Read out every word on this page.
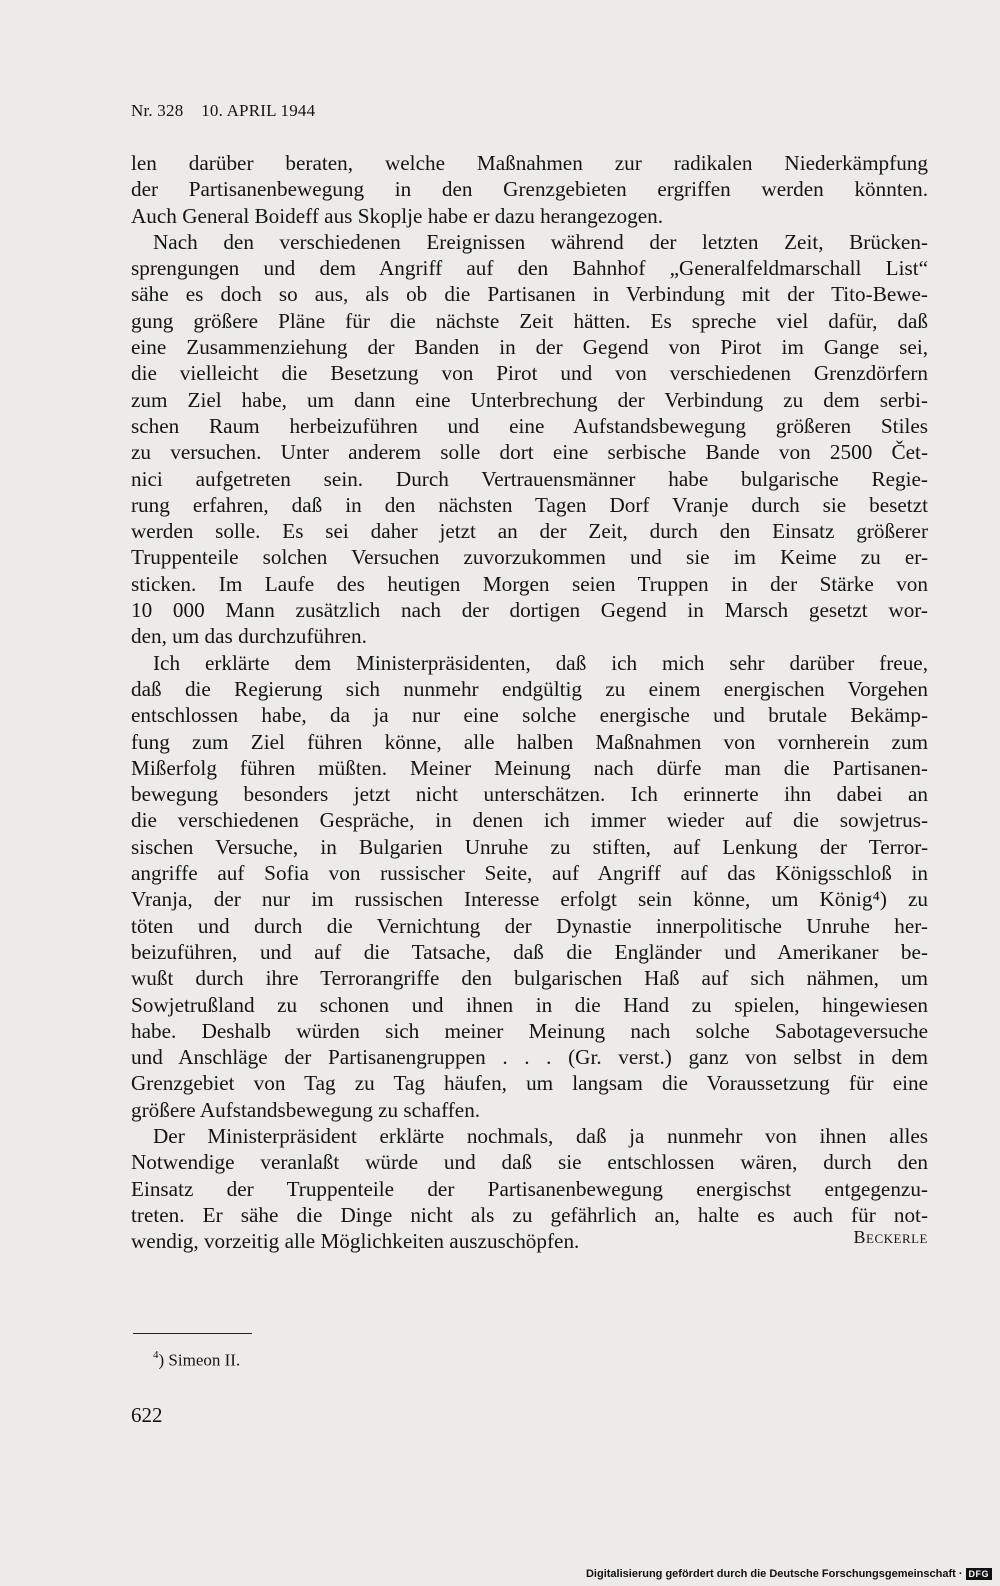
Nr. 328 10. APRIL 1944
len darüber beraten, welche Maßnahmen zur radikalen Niederkämpfung
der Partisanenbewegung in den Grenzgebieten ergriffen werden könnten.
Auch General Boideff aus Skoplje habe er dazu herangezogen.
Nach den verschiedenen Ereignissen während der letzten Zeit, Brücken-
sprengungen und dem Angriff auf den Bahnhof „Generalfeldmarschall List“
sähe es doch so aus, als ob die Partisanen in Verbindung mit der Tito-Bewe-
gung größere Pläne für die nächste Zeit hätten. Es spreche viel dafür, daß
eine Zusammenziehung der Banden in der Gegend von Pirot im Gange sei,
die vielleicht die Besetzung von Pirot und von verschiedenen Grenzdörfern
zum Ziel habe, um dann eine Unterbrechung der Verbindung zu dem serbi-
schen Raum herbeizuführen und eine Aufstandsbewegung größeren Stiles
zu versuchen. Unter anderem solle dort eine serbische Bande von 2500 Čet-
nici aufgetreten sein. Durch Vertrauensmänner habe bulgarische Regie-
rung erfahren, daß in den nächsten Tagen Dorf Vranje durch sie besetzt
werden solle. Es sei daher jetzt an der Zeit, durch den Einsatz größerer
Truppenteile solchen Versuchen zuvorzukommen und sie im Keime zu er-
sticken. Im Laufe des heutigen Morgen seien Truppen in der Stärke von
10 000 Mann zusätzlich nach der dortigen Gegend in Marsch gesetzt wor-
den, um das durchzuführen.
Ich erklärte dem Ministerpräsidenten, daß ich mich sehr darüber freue,
daß die Regierung sich nunmehr endgültig zu einem energischen Vorgehen
entschlossen habe, da ja nur eine solche energische und brutale Bekämp-
fung zum Ziel führen könne, alle halben Maßnahmen von vornherein zum
Mißerfolg führen müßten. Meiner Meinung nach dürfe man die Partisanen-
bewegung besonders jetzt nicht unterschätzen. Ich erinnerte ihn dabei an
die verschiedenen Gespräche, in denen ich immer wieder auf die sowjetrus-
sischen Versuche, in Bulgarien Unruhe zu stiften, auf Lenkung der Terror-
angriffe auf Sofia von russischer Seite, auf Angriff auf das Königsschloß in
Vranja, der nur im russischen Interesse erfolgt sein könne, um König⁴) zu
töten und durch die Vernichtung der Dynastie innerpolitische Unruhe her-
beizuführen, und auf die Tatsache, daß die Engländer und Amerikaner be-
wußt durch ihre Terrorangriffe den bulgarischen Haß auf sich nähmen, um
Sowjetrußland zu schonen und ihnen in die Hand zu spielen, hingewiesen
habe. Deshalb würden sich meiner Meinung nach solche Sabotageversuche
und Anschläge der Partisanengruppen . . . (Gr. verst.) ganz von selbst in dem
Grenzgebiet von Tag zu Tag häufen, um langsam die Voraussetzung für eine
größere Aufstandsbewegung zu schaffen.
Der Ministerpräsident erklärte nochmals, daß ja nunmehr von ihnen alles
Notwendige veranlaßt würde und daß sie entschlossen wären, durch den
Einsatz der Truppenteile der Partisanenbewegung energischst entgegenzu-
treten. Er sähe die Dinge nicht als zu gefährlich an, halte es auch für not-
wendig, vorzeitig alle Möglichkeiten auszuschöpfen.	Beckerle
$^4$) Simeon II.
622
Digitalisierung gefördert durch die Deutsche Forschungsgemeinschaft · DFG
